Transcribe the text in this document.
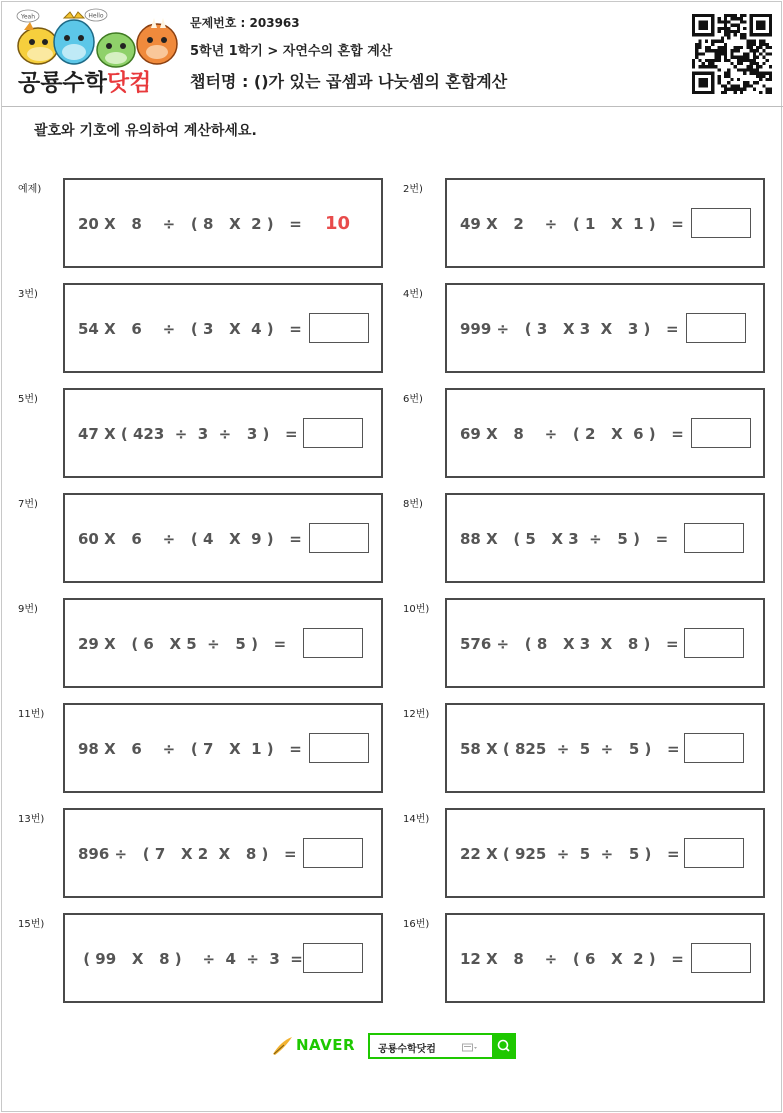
Yeah	Hello
공룡수학닷컴
문제번호 : 203963
5학년 1학기 > 자연수의 혼합 계산
챕터명 : ()가 있는 곱셈과 나눗셈의 혼합계산
괄호와 기호에 유의하여 계산하세요.
예제)
20 X   8    ÷   ( 8   X  2 )   = 10
2번)
49 X   2    ÷   ( 1   X  1 )   =
3번)
54 X   6    ÷   ( 3   X  4 )   =
4번)
999 ÷   ( 3   X 3  X   3 )   =
5번)
47 X ( 423  ÷  3  ÷   3 )   =
6번)
69 X   8    ÷   ( 2   X  6 )   =
7번)
60 X   6    ÷   ( 4   X  9 )   =
8번)
88 X   ( 5   X 3  ÷   5 )   =
9번)
29 X   ( 6   X 5  ÷   5 )   =
10번)
576 ÷   ( 8   X 3  X   8 )   =
11번)
98 X   6    ÷   ( 7   X  1 )   =
12번)
58 X ( 825  ÷  5  ÷   5 )   =
13번)
896 ÷   ( 7   X 2  X   8 )   =
14번)
22 X ( 925  ÷  5  ÷   5 )   =
15번)
( 99   X   8 )    ÷  4  ÷  3  =
16번)
12 X   8    ÷   ( 6   X  2 )   =
NAVER 공룡수학닷컴
